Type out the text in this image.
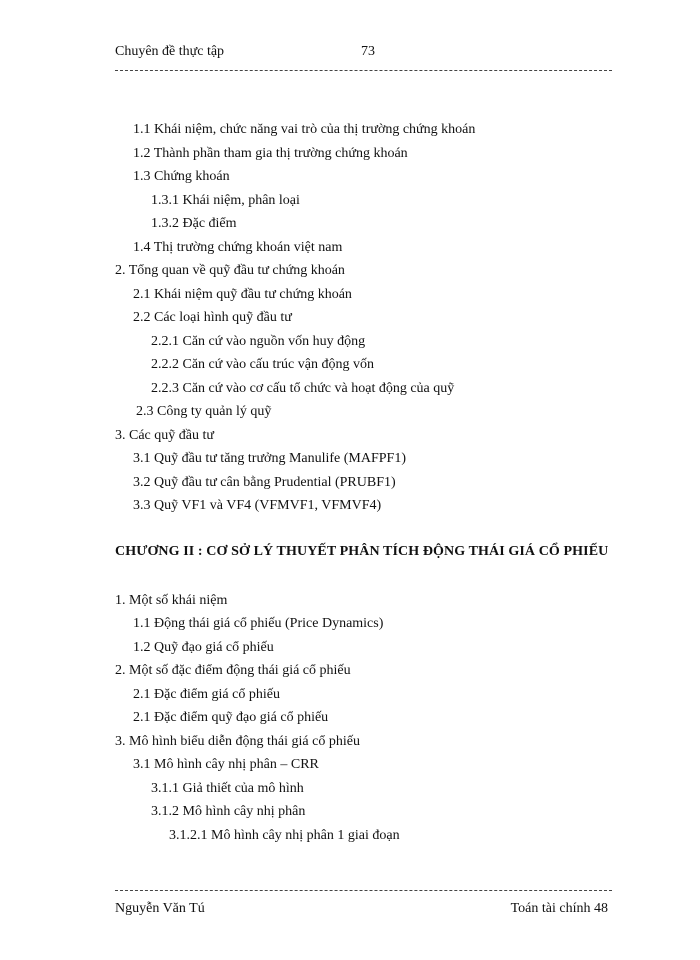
Chuyên đề thực tập	73
1.1 Khái niệm, chức năng vai trò của thị trường chứng khoán
1.2 Thành phần tham gia thị trường chứng khoán
1.3 Chứng khoán
1.3.1 Khái niệm, phân loại
1.3.2 Đặc điểm
1.4 Thị trường chứng khoán việt nam
2. Tổng quan về quỹ đầu tư chứng khoán
2.1 Khái niệm quỹ đầu tư chứng khoán
2.2 Các loại hình quỹ đầu tư
2.2.1 Căn cứ vào nguồn vốn huy động
2.2.2 Căn cứ vào cấu trúc vận động vốn
2.2.3 Căn cứ vào cơ cấu tổ chức và hoạt động của quỹ
2.3 Công ty quản lý quỹ
3. Các quỹ đầu tư
3.1 Quỹ đầu tư tăng trưởng Manulife (MAFPF1)
3.2 Quỹ đầu tư cân bằng Prudential (PRUBF1)
3.3 Quỹ VF1 và VF4 (VFMVF1, VFMVF4)
CHƯƠNG II : CƠ SỞ LÝ THUYẾT PHÂN TÍCH ĐỘNG THÁI GIÁ CỔ PHIẾU
1. Một số khái niệm
1.1 Động thái giá cổ phiếu (Price Dynamics)
1.2 Quỹ đạo giá cổ phiếu
2. Một số đặc điểm động thái giá cổ phiếu
2.1 Đặc điểm giá cổ phiếu
2.1 Đặc điểm quỹ đạo giá cổ phiếu
3. Mô hình biểu diễn động thái giá cổ phiếu
3.1 Mô hình cây nhị phân – CRR
3.1.1 Giả thiết của mô hình
3.1.2 Mô hình cây nhị phân
3.1.2.1 Mô hình cây nhị phân 1 giai đoạn
Nguyễn Văn Tú	Toán tài chính 48
